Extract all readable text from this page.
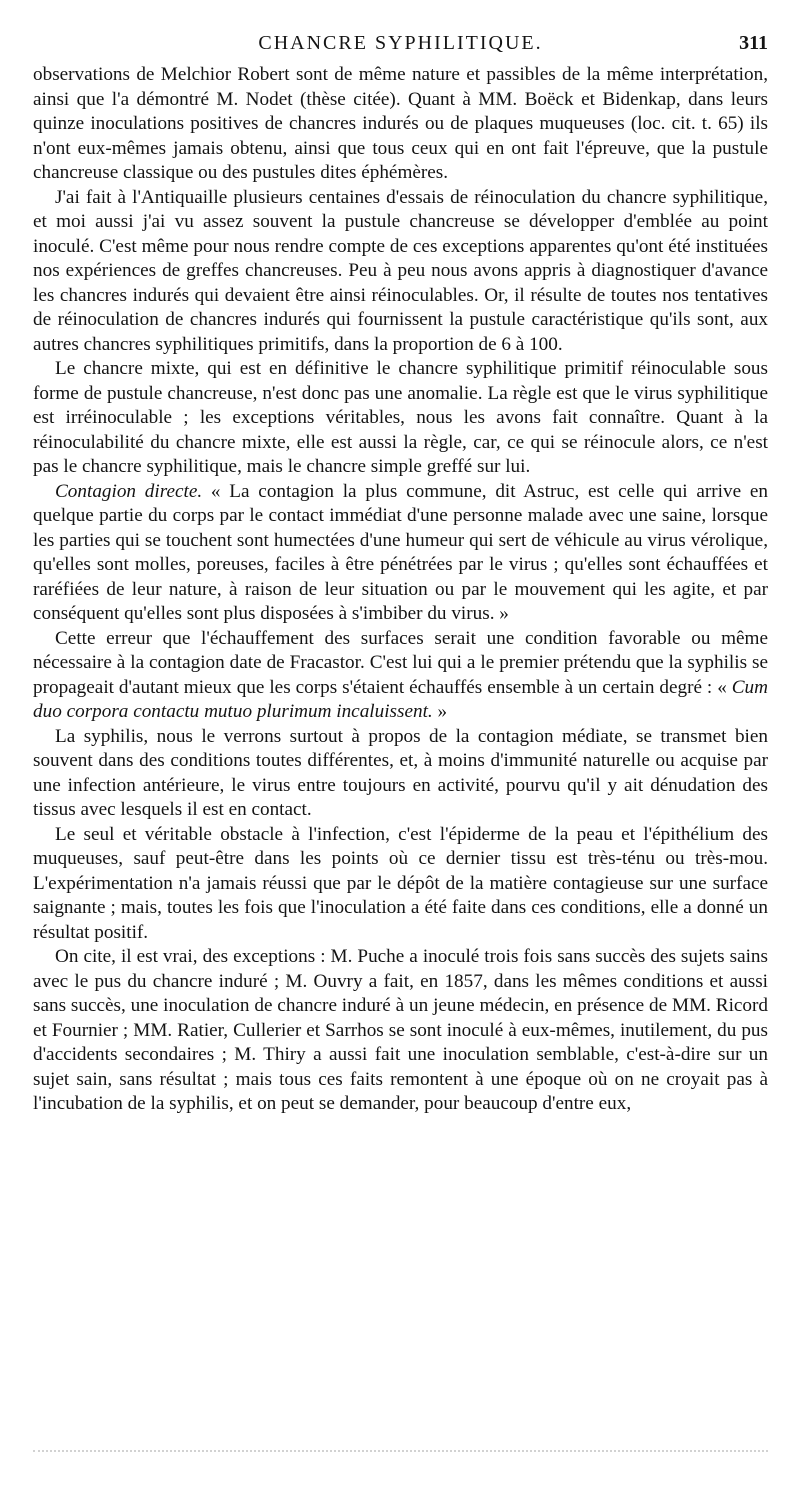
CHANCRE SYPHILITIQUE.	311

observations de Melchior Robert sont de même nature et passibles de la même interprétation, ainsi que l'a démontré M. Nodet (thèse citée). Quant à MM. Boëck et Bidenkap, dans leurs quinze inoculations positives de chancres indurés ou de plaques muqueuses (loc. cit. t. 65) ils n'ont eux-mêmes jamais obtenu, ainsi que tous ceux qui en ont fait l'épreuve, que la pustule chancreuse classique ou des pustules dites éphémères.

J'ai fait à l'Antiquaille plusieurs centaines d'essais de réinoculation du chancre syphilitique, et moi aussi j'ai vu assez souvent la pustule chancreuse se développer d'emblée au point inoculé. C'est même pour nous rendre compte de ces exceptions apparentes qu'ont été instituées nos expériences de greffes chancreuses. Peu à peu nous avons appris à diagnostiquer d'avance les chancres indurés qui devaient être ainsi réinoculables. Or, il résulte de toutes nos tentatives de réinoculation de chancres indurés qui fournissent la pustule caractéristique qu'ils sont, aux autres chancres syphilitiques primitifs, dans la proportion de 6 à 100.

Le chancre mixte, qui est en définitive le chancre syphilitique primitif réinoculable sous forme de pustule chancreuse, n'est donc pas une anomalie. La règle est que le virus syphilitique est irréinoculable ; les exceptions véritables, nous les avons fait connaître. Quant à la réinoculabilité du chancre mixte, elle est aussi la règle, car, ce qui se réinocule alors, ce n'est pas le chancre syphilitique, mais le chancre simple greffé sur lui.

Contagion directe. « La contagion la plus commune, dit Astruc, est celle qui arrive en quelque partie du corps par le contact immédiat d'une personne malade avec une saine, lorsque les parties qui se touchent sont humectées d'une humeur qui sert de véhicule au virus vérolique, qu'elles sont molles, poreuses, faciles à être pénétrées par le virus ; qu'elles sont échauffées et raréfiées de leur nature, à raison de leur situation ou par le mouvement qui les agite, et par conséquent qu'elles sont plus disposées à s'imbiber du virus. »

Cette erreur que l'échauffement des surfaces serait une condition favorable ou même nécessaire à la contagion date de Fracastor. C'est lui qui a le premier prétendu que la syphilis se propageait d'autant mieux que les corps s'étaient échauffés ensemble à un certain degré : « Cum duo corpora contactu mutuo plurimum incaluissent. »

La syphilis, nous le verrons surtout à propos de la contagion médiate, se transmet bien souvent dans des conditions toutes différentes, et, à moins d'immunité naturelle ou acquise par une infection antérieure, le virus entre toujours en activité, pourvu qu'il y ait dénudation des tissus avec lesquels il est en contact.

Le seul et véritable obstacle à l'infection, c'est l'épiderme de la peau et l'épithélium des muqueuses, sauf peut-être dans les points où ce dernier tissu est très-ténu ou très-mou. L'expérimentation n'a jamais réussi que par le dépôt de la matière contagieuse sur une surface saignante ; mais, toutes les fois que l'inoculation a été faite dans ces conditions, elle a donné un résultat positif.

On cite, il est vrai, des exceptions : M. Puche a inoculé trois fois sans succès des sujets sains avec le pus du chancre induré ; M. Ouvry a fait, en 1857, dans les mêmes conditions et aussi sans succès, une inoculation de chancre induré à un jeune médecin, en présence de MM. Ricord et Fournier ; MM. Ratier, Cullerier et Sarrhos se sont inoculé à eux-mêmes, inutilement, du pus d'accidents secondaires ; M. Thiry a aussi fait une inoculation semblable, c'est-à-dire sur un sujet sain, sans résultat ; mais tous ces faits remontent à une époque où on ne croyait pas à l'incubation de la syphilis, et on peut se demander, pour beaucoup d'entre eux,
